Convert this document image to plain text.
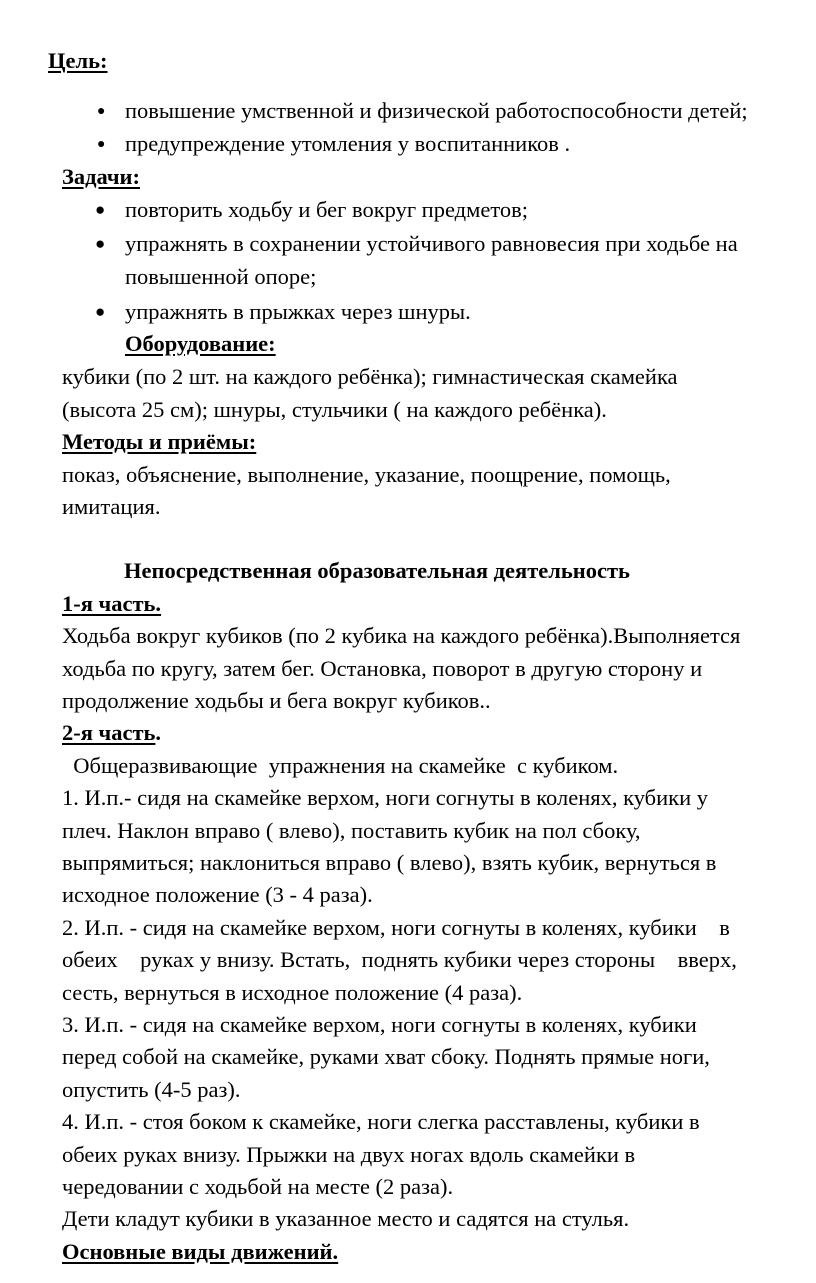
Цель:
● повышение умственной и физической работоспособности детей;
● предупреждение утомления у воспитанников .
Задачи:
● повторить ходьбу и бег вокруг предметов;
● упражнять в сохранении устойчивого равновесия при ходьбе на
повышенной опоре;
● упражнять в прыжках через шнуры.
Оборудование:
кубики (по 2 шт. на каждого ребёнка); гимнастическая скамейка
(высота 25 см); шнуры, стульчики ( на каждого ребёнка).
Методы и приёмы:
показ, объяснение, выполнение, указание, поощрение, помощь,
имитация.
Непосредственная образовательная деятельность
1-я часть.
Ходьба вокруг кубиков (по 2 кубика на каждого ребёнка).Выполняется
ходьба по кругу, затем бег. Остановка, поворот в другую сторону и
продолжение ходьбы и бега вокруг кубиков..
2-я часть.
Общеразвивающие  упражнения на скамейке  с кубиком.
1. И.п.- сидя на скамейке верхом, ноги согнуты в коленях, кубики у
плеч. Наклон вправо ( влево), поставить кубик на пол сбоку,
выпрямиться; наклониться вправо ( влево), взять кубик, вернуться в
исходное положение (3 - 4 раза).
2. И.п. - сидя на скамейке верхом, ноги согнуты в коленях, кубики    в
обеих    руках у внизу. Встать,  поднять кубики через стороны    вверх,
сесть, вернуться в исходное положение (4 раза).
3. И.п. - сидя на скамейке верхом, ноги согнуты в коленях, кубики
перед собой на скамейке, руками хват сбоку. Поднять прямые ноги,
опустить (4-5 раз).
4. И.п. - стоя боком к скамейке, ноги слегка расставлены, кубики в
обеих руках внизу. Прыжки на двух ногах вдоль скамейки в
чередовании с ходьбой на месте (2 раза).
Дети кладут кубики в указанное место и садятся на стулья.
Основные виды движений.
